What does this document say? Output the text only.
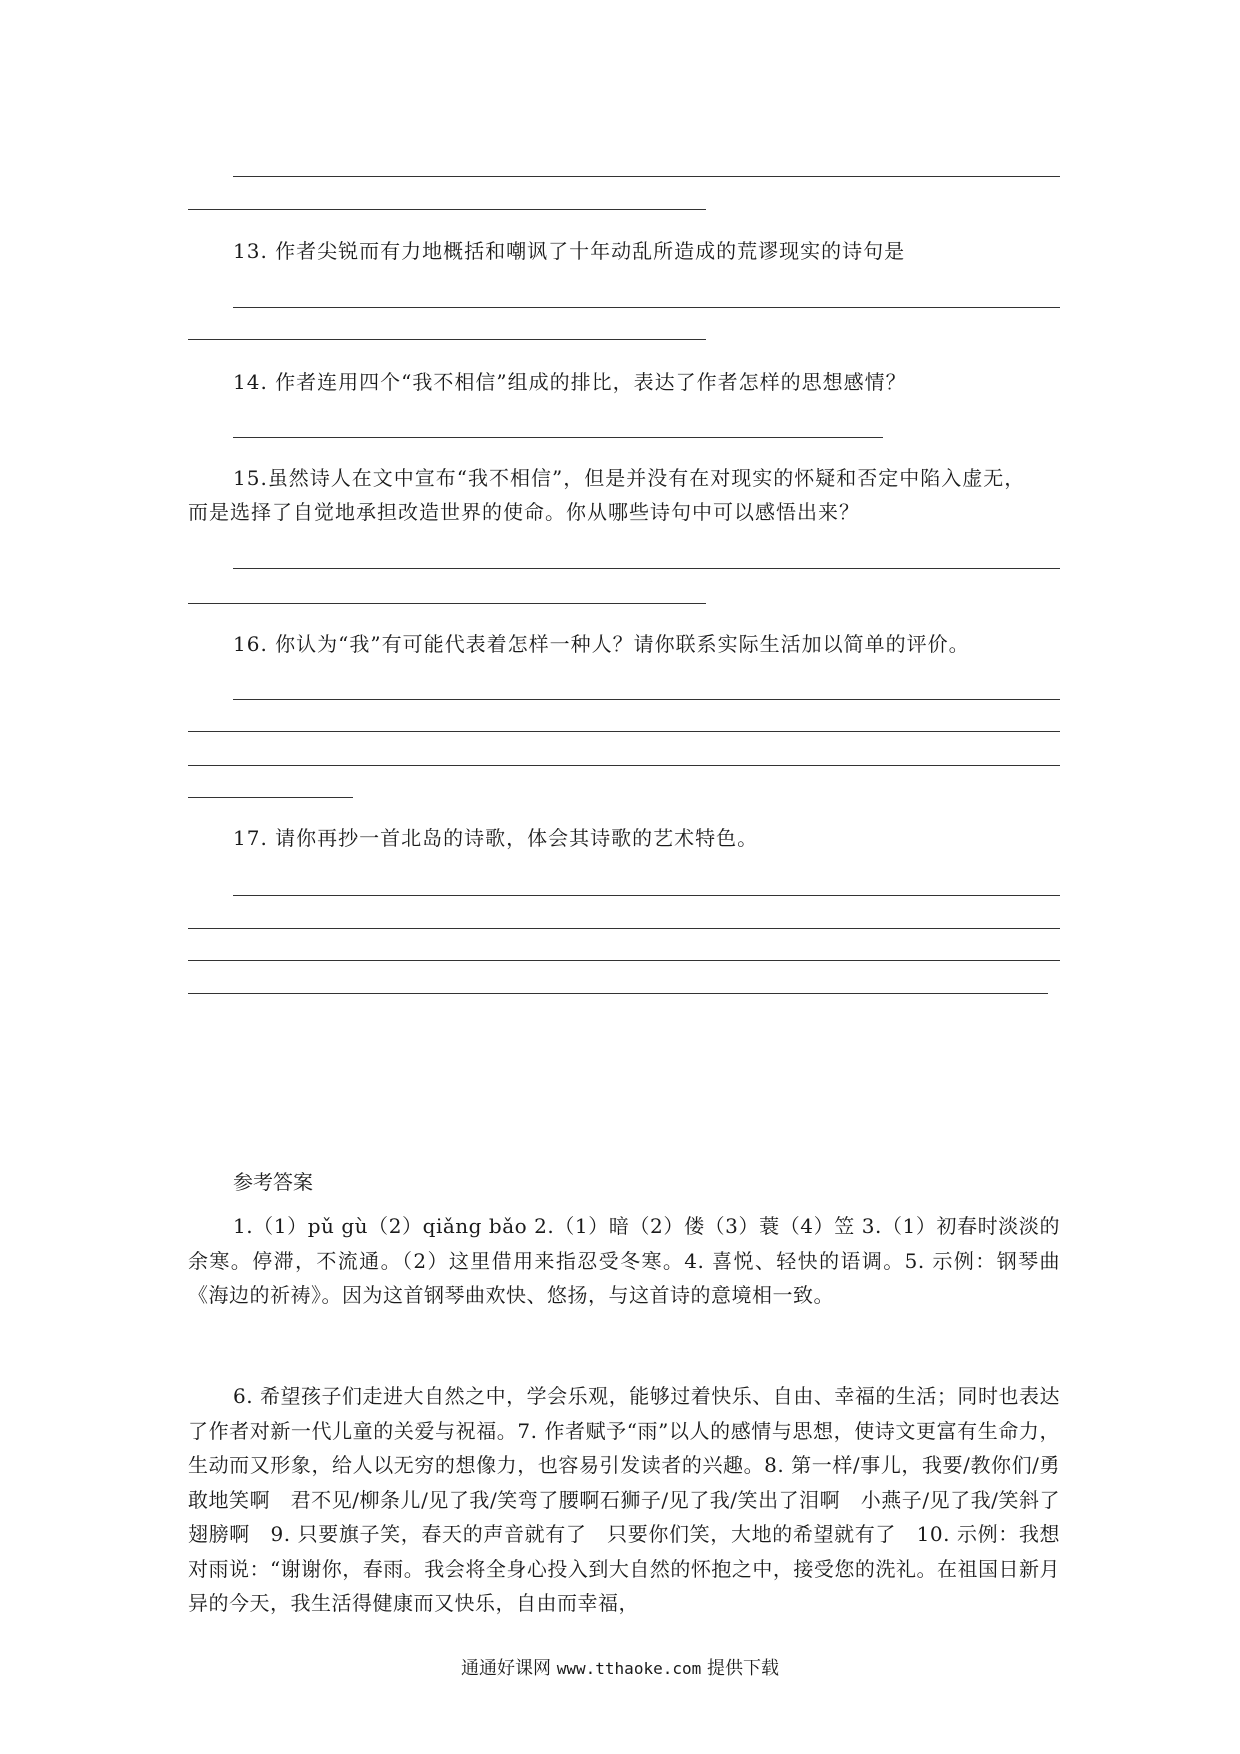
13. 作者尖锐而有力地概括和嘲讽了十年动乱所造成的荒谬现实的诗句是
14. 作者连用四个“我不相信”组成的排比，表达了作者怎样的思想感情？
15.虽然诗人在文中宣布“我不相信”，但是并没有在对现实的怀疑和否定中陷入虚无，
而是选择了自觉地承担改造世界的使命。你从哪些诗句中可以感悟出来？
16. 你认为“我”有可能代表着怎样一种人？请你联系实际生活加以简单的评价。
17. 请你再抄一首北岛的诗歌，体会其诗歌的艺术特色。
参考答案
1.（1）pǔ gù（2）qiǎng bǎo 2.（1）暗（2）偻（3）蓑（4）笠 3.（1）初春时淡淡的余寒。停滞，不流通。（2）这里借用来指忍受冬寒。4. 喜悦、轻快的语调。5. 示例：钢琴曲《海边的祈祷》。因为这首钢琴曲欢快、悠扬，与这首诗的意境相一致。
6. 希望孩子们走进大自然之中，学会乐观，能够过着快乐、自由、幸福的生活；同时也表达了作者对新一代儿童的关爱与祝福。7. 作者赋予“雨”以人的感情与思想，使诗文更富有生命力，生动而又形象，给人以无穷的想像力，也容易引发读者的兴趣。8. 第一样/事儿，我要/教你们/勇敢地笑啊　君不见/柳条儿/见了我/笑弯了腰啊石狮子/见了我/笑出了泪啊　小燕子/见了我/笑斜了翅膀啊　9. 只要旗子笑，春天的声音就有了　只要你们笑，大地的希望就有了　10. 示例：我想对雨说：“谢谢你，春雨。我会将全身心投入到大自然的怀抱之中，接受您的洗礼。在祖国日新月异的今天，我生活得健康而又快乐，自由而幸福，
通通好课网 www.tthaoke.com 提供下载
